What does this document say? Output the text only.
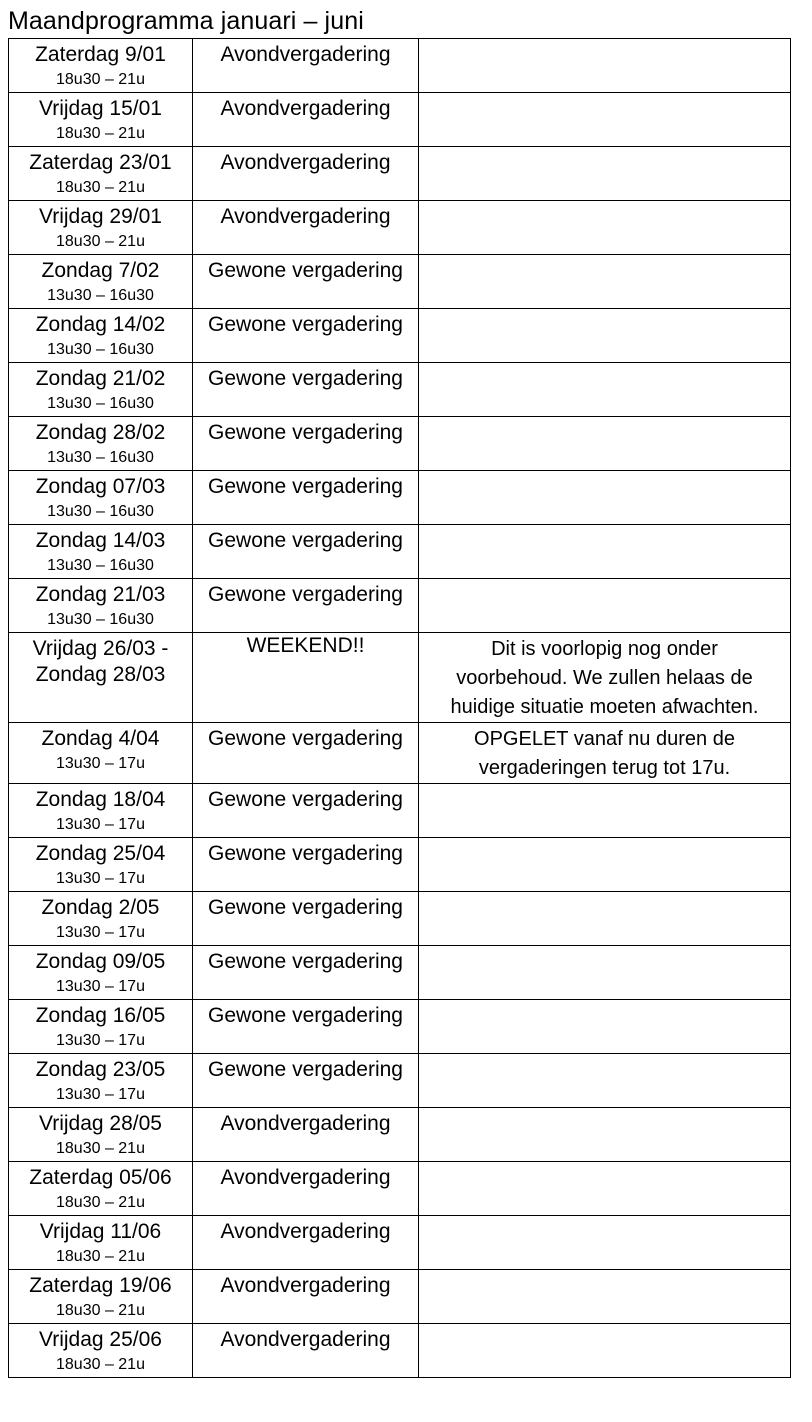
Maandprogramma januari – juni
Zaterdag 9/01
18u30 – 21u	Avondvergadering	

Vrijdag 15/01
18u30 – 21u	Avondvergadering	

Zaterdag 23/01
18u30 – 21u	Avondvergadering	

Vrijdag 29/01
18u30 – 21u	Avondvergadering	

Zondag 7/02
13u30 – 16u30	Gewone vergadering	

Zondag 14/02
13u30 – 16u30	Gewone vergadering	

Zondag 21/02
13u30 – 16u30	Gewone vergadering	

Zondag 28/02
13u30 – 16u30	Gewone vergadering	

Zondag 07/03
13u30 – 16u30	Gewone vergadering	

Zondag 14/03
13u30 – 16u30	Gewone vergadering	

Zondag 21/03
13u30 – 16u30	Gewone vergadering	

Vrijdag 26/03 -
Zondag 28/03	WEEKEND!!	Dit is voorlopig nog onder
voorbehoud. We zullen helaas de
huidige situatie moeten afwachten.

Zondag 4/04
13u30 – 17u	Gewone vergadering	OPGELET vanaf nu duren de
vergaderingen terug tot 17u.

Zondag 18/04
13u30 – 17u	Gewone vergadering	

Zondag 25/04
13u30 – 17u	Gewone vergadering	

Zondag 2/05
13u30 – 17u	Gewone vergadering	

Zondag 09/05
13u30 – 17u	Gewone vergadering	

Zondag 16/05
13u30 – 17u	Gewone vergadering	

Zondag 23/05
13u30 – 17u	Gewone vergadering	

Vrijdag 28/05
18u30 – 21u	Avondvergadering	

Zaterdag 05/06
18u30 – 21u	Avondvergadering	

Vrijdag 11/06
18u30 – 21u	Avondvergadering	

Zaterdag 19/06
18u30 – 21u	Avondvergadering	

Vrijdag 25/06
18u30 – 21u	Avondvergadering	
